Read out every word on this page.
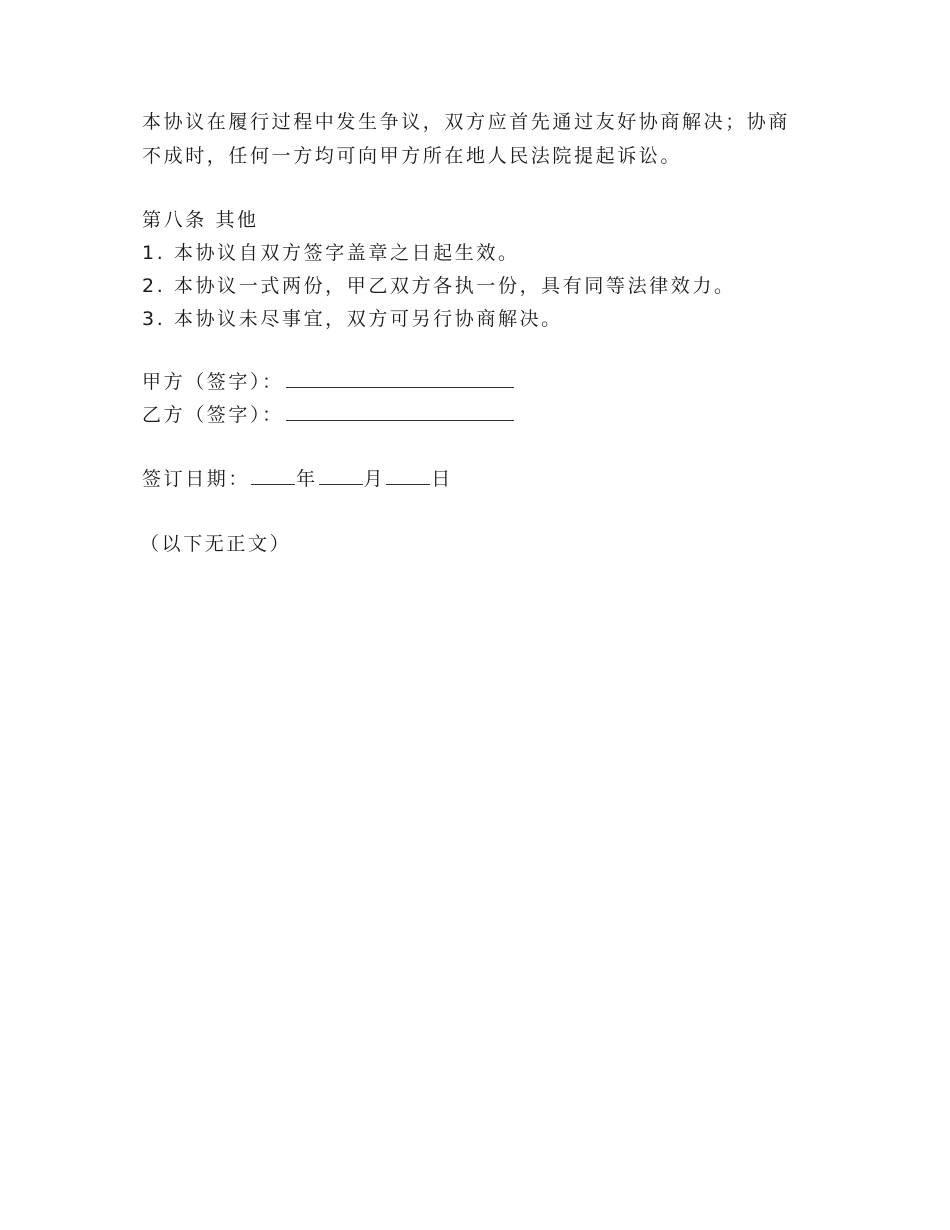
本协议在履行过程中发生争议，双方应首先通过友好协商解决；协商
不成时，任何一方均可向甲方所在地人民法院提起诉讼。
第八条 其他
1. 本协议自双方签字盖章之日起生效。
2. 本协议一式两份，甲乙双方各执一份，具有同等法律效力。
3. 本协议未尽事宜，双方可另行协商解决。
甲方（签字）：
乙方（签字）：
签订日期： 年 月 日
（以下无正文）
